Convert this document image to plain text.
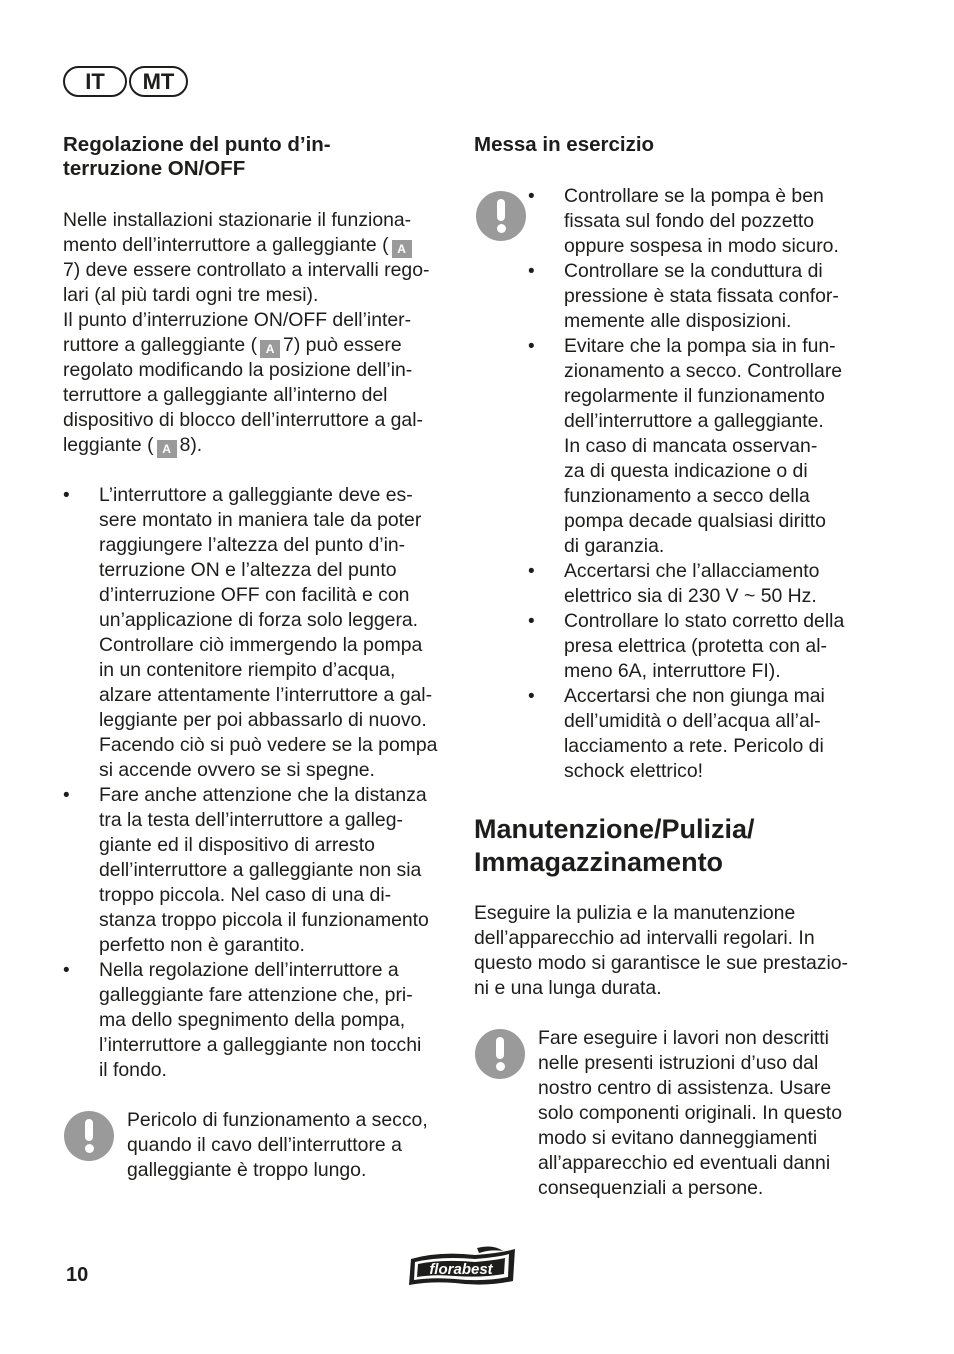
IT	MT
Regolazione del punto d’in-
terruzione ON/OFF

Nelle installazioni stazionarie il funziona-
mento dell’interruttore a galleggiante ( A
7) deve essere controllato a intervalli rego-
lari (al più tardi ogni tre mesi).

Il punto d’interruzione ON/OFF dell’inter-
ruttore a galleggiante ( A 7) può essere
regolato modificando la posizione dell’in-
terruttore a galleggiante all’interno del
dispositivo di blocco dell’interruttore a gal-
leggiante ( A 8).

• L’interruttore a galleggiante deve es-
sere montato in maniera tale da poter
raggiungere l’altezza del punto d’in-
terruzione ON e l’altezza del punto
d’interruzione OFF con facilità e con
un’applicazione di forza solo leggera.
Controllare ciò immergendo la pompa
in un contenitore riempito d’acqua,
alzare attentamente l’interruttore a gal-
leggiante per poi abbassarlo di nuovo.
Facendo ciò si può vedere se la pompa
si accende ovvero se si spegne.
• Fare anche attenzione che la distanza
tra la testa dell’interruttore a galleg-
giante ed il dispositivo di arresto
dell’interruttore a galleggiante non sia
troppo piccola. Nel caso di una di-
stanza troppo piccola il funzionamento
perfetto non è garantito.
• Nella regolazione dell’interruttore a
galleggiante fare attenzione che, pri-
ma dello spegnimento della pompa,
l’interruttore a galleggiante non tocchi
il fondo.

Pericolo di funzionamento a secco,
quando il cavo dell’interruttore a
galleggiante è troppo lungo.

Messa in esercizio
• Controllare se la pompa è ben
fissata sul fondo del pozzetto
oppure sospesa in modo sicuro.
• Controllare se la conduttura di
pressione è stata fissata confor-
memente alle disposizioni.
• Evitare che la pompa sia in fun-
zionamento a secco. Controllare
regolarmente il funzionamento
dell’interruttore a galleggiante.
In caso di mancata osservan-
za di questa indicazione o di
funzionamento a secco della
pompa decade qualsiasi diritto
di garanzia.
• Accertarsi che l’allacciamento
elettrico sia di 230 V ~ 50 Hz.
• Controllare lo stato corretto della
presa elettrica (protetta con al-
meno 6A, interruttore FI).
• Accertarsi che non giunga mai
dell’umidità o dell’acqua all’al-
lacciamento a rete. Pericolo di
schock elettrico!
Manutenzione/Pulizia/
Immagazzinamento

Eseguire la pulizia e la manutenzione
dell’apparecchio ad intervalli regolari. In
questo modo si garantisce le sue prestazio-
ni e una lunga durata.

Fare eseguire i lavori non descritti
nelle presenti istruzioni d’uso dal
nostro centro di assistenza. Usare
solo componenti originali. In questo
modo si evitano danneggiamenti
all’apparecchio ed eventuali danni
consequenziali a persone.

10	florabest
